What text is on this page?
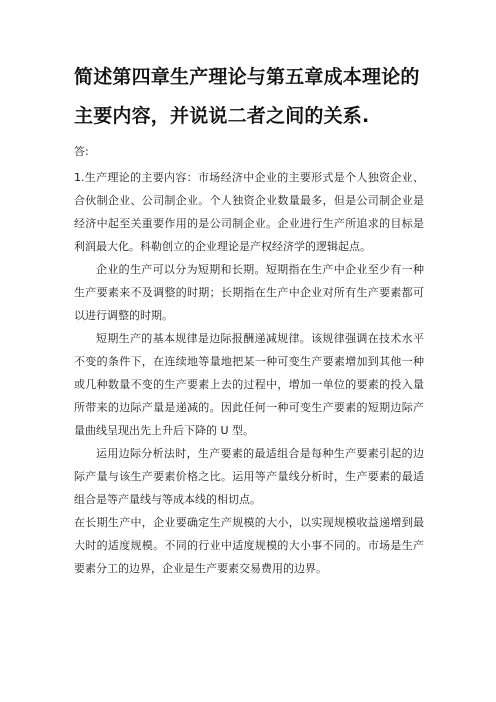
简述第四章生产理论与第五章成本理论的主要内容，并说说二者之间的关系.

答:

1.生产理论的主要内容：市场经济中企业的主要形式是个人独资企业、合伙制企业、公司制企业。个人独资企业数量最多，但是公司制企业是经济中起至关重要作用的是公司制企业。企业进行生产所追求的目标是利润最大化。科勒创立的企业理论是产权经济学的逻辑起点。

企业的生产可以分为短期和长期。短期指在生产中企业至少有一种生产要素来不及调整的时期；长期指在生产中企业对所有生产要素都可以进行调整的时期。

短期生产的基本规律是边际报酬递减规律。该规律强调在技术水平不变的条件下，在连续地等量地把某一种可变生产要素增加到其他一种或几种数量不变的生产要素上去的过程中，增加一单位的要素的投入量所带来的边际产量是递减的。因此任何一种可变生产要素的短期边际产量曲线呈现出先上升后下降的 U 型。

运用边际分析法时，生产要素的最适组合是每种生产要素引起的边际产量与该生产要素价格之比。运用等产量线分析时，生产要素的最适组合是等产量线与等成本线的相切点。

在长期生产中，企业要确定生产规模的大小，以实现规模收益递增到最大时的适度规模。不同的行业中适度规模的大小事不同的。市场是生产要素分工的边界，企业是生产要素交易费用的边界。
